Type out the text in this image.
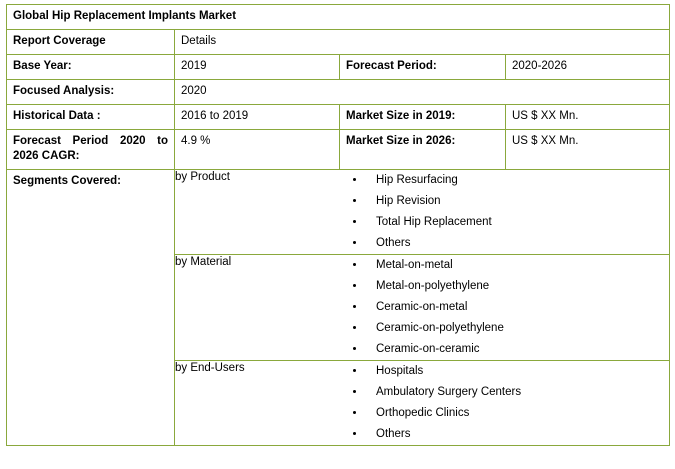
Global Hip Replacement Implants Market
Report Coverage	Details
Base Year:	2019	Forecast Period:	2020-2026
Focused Analysis:	2020
Historical Data :	2016 to 2019	Market Size in 2019:	US $ XX Mn.
Forecast Period 2020 to 2026 CAGR:	4.9 %	Market Size in 2026:	US $ XX Mn.
Segments Covered:		by Product	
•Hip Resurfacing
• Hip Revision
• Total Hip Replacement
• Others

by Material	
•Metal-on-metal
• Metal-on-polyethylene
• Ceramic-on-metal
• Ceramic-on-polyethylene
• Ceramic-on-ceramic

by End-Users	
•Hospitals
• Ambulatory Surgery Centers
• Orthopedic Clinics
• Others
